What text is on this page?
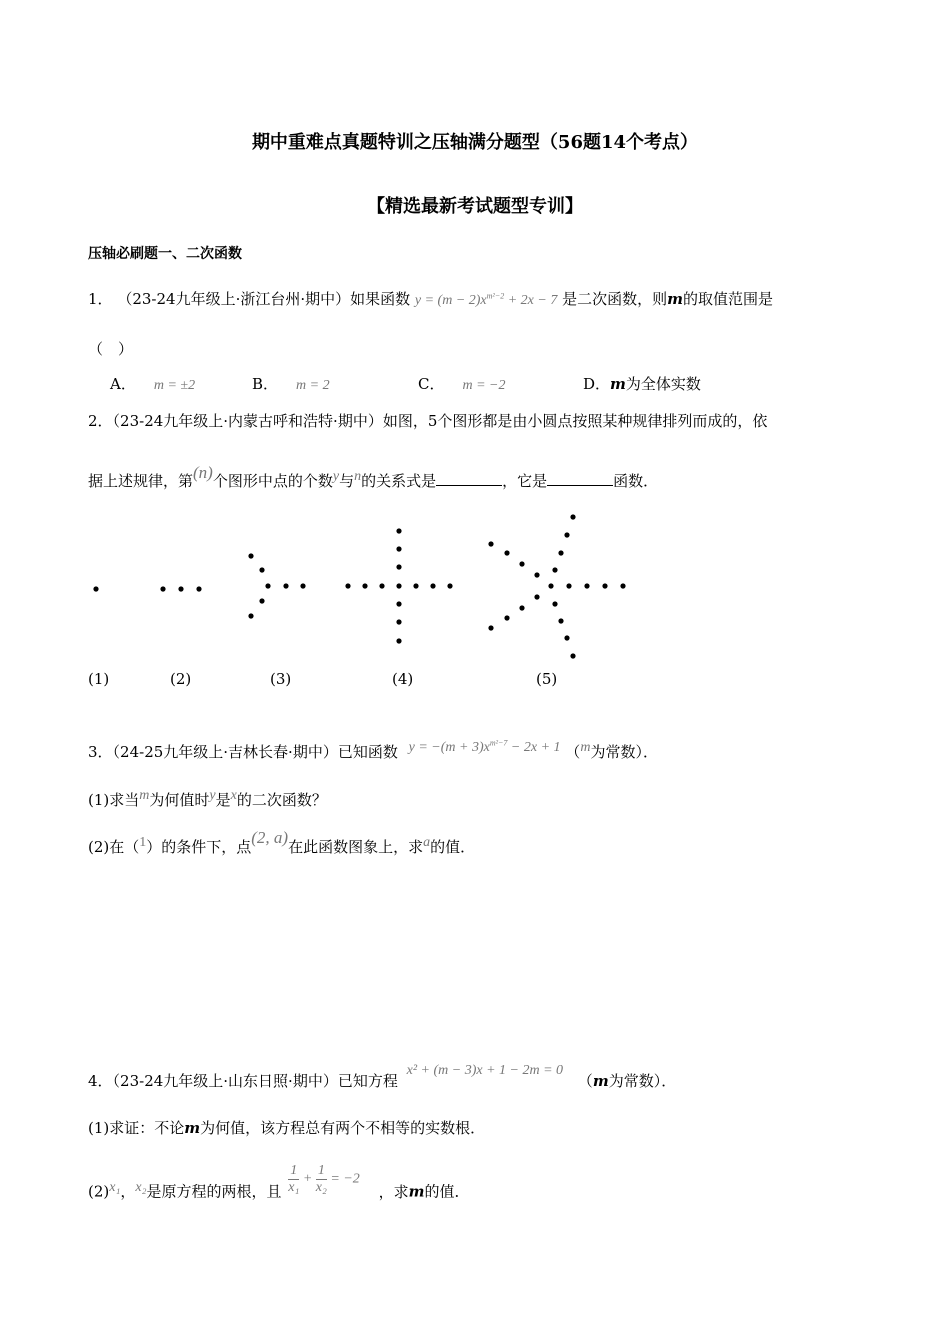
期中重难点真题特训之压轴满分题型（56题14个考点）
【精选最新考试题型专训】
压轴必刷题一、二次函数
1． （23-24九年级上·浙江台州·期中）如果函数 $y = (m - 2)x^{m^2-2} + 2x - 7$ 是二次函数，则m的取值范围是
（　）
A． m = ±2	B． m = 2	C． m = −2	D．m为全体实数
2．（23-24九年级上·内蒙古呼和浩特·期中）如图，5个图形都是由小圆点按照某种规律排列而成的，依
据上述规律，第(n)个图形中点的个数y与n的关系式是	，它是	函数．
(1)	(2)	(3)	(4)	(5)
3．（24-25九年级上·吉林长春·期中）已知函数 $y = -(m + 3)x^{m^2-7} - 2x + 1$ （m为常数）．
(1)求当m为何值时y是x的二次函数？
(2)在（1）的条件下，点(2, a)在此函数图象上，求a的值．
4．（23-24九年级上·山东日照·期中）已知方程 x² + (m − 3)x + 1 − 2m = 0 （m为常数）．
(1)求证：不论m为何值，该方程总有两个不相等的实数根．
(2)x₁，x₂是原方程的两根，且 $\frac{1}{\text{x₁}} + \frac{1}{\text{x₂}} = -2$ ，求m的值．
